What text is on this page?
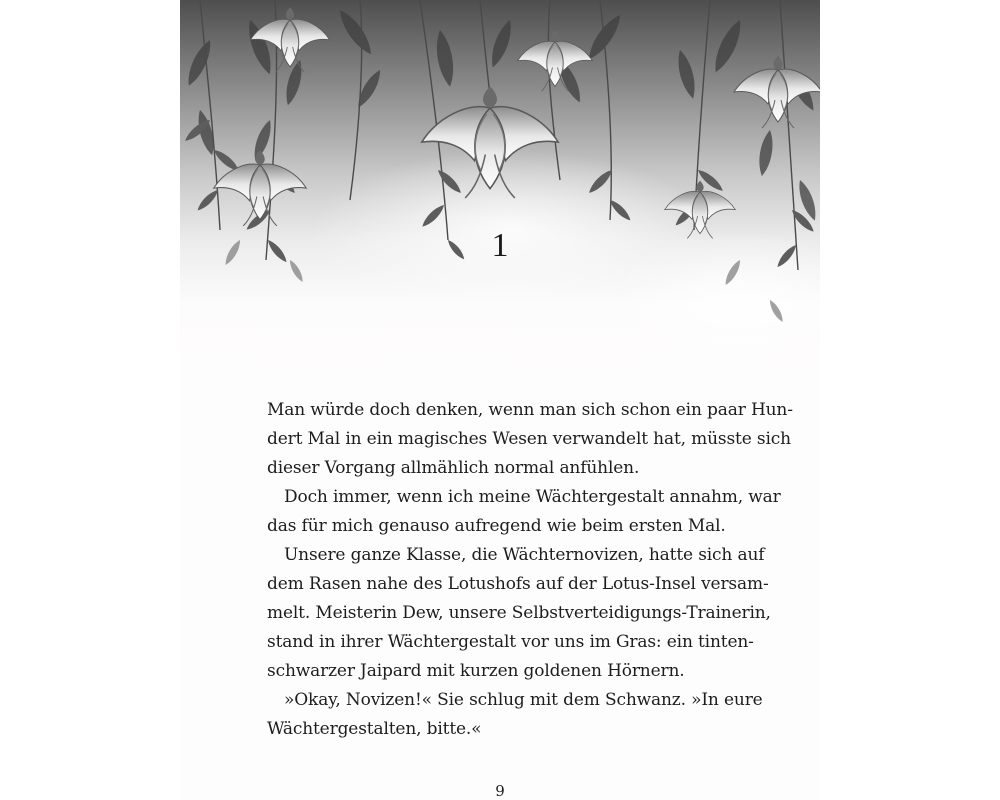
1
Man würde doch denken, wenn man sich schon ein paar Hun-
dert Mal in ein magisches Wesen verwandelt hat, müsste sich
dieser Vorgang allmählich normal anfühlen.
Doch immer, wenn ich meine Wächtergestalt annahm, war
das für mich genauso aufregend wie beim ersten Mal.
Unsere ganze Klasse, die Wächternovizen, hatte sich auf
dem Rasen nahe des Lotushofs auf der Lotus-Insel versam-
melt. Meisterin Dew, unsere Selbstverteidigungs-Trainerin,
stand in ihrer Wächtergestalt vor uns im Gras: ein tinten-
schwarzer Jaipard mit kurzen goldenen Hörnern.
»Okay, Novizen!« Sie schlug mit dem Schwanz. »In eure
Wächtergestalten, bitte.«
9
